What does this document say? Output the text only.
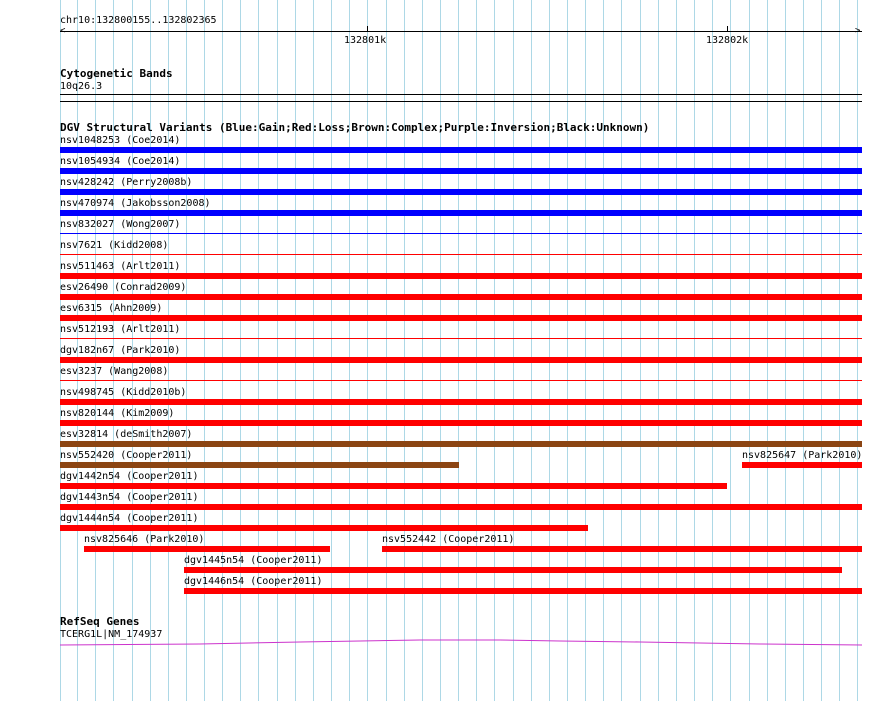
chr10:132800155..132802365
<	>
132801k	132802k
Cytogenetic Bands
10q26.3
DGV Structural Variants (Blue:Gain;Red:Loss;Brown:Complex;Purple:Inversion;Black:Unknown)
nsv1048253 (Coe2014)
nsv1054934 (Coe2014)
nsv428242 (Perry2008b)
nsv470974 (Jakobsson2008)
nsv832027 (Wong2007)
nsv7621 (Kidd2008)
nsv511463 (Arlt2011)
esv26490 (Conrad2009)
esv6315 (Ahn2009)
nsv512193 (Arlt2011)
dgv182n67 (Park2010)
esv3237 (Wang2008)
nsv498745 (Kidd2010b)
nsv820144 (Kim2009)
esv32814 (deSmith2007)
nsv552420 (Cooper2011)	nsv825647 (Park2010)
dgv1442n54 (Cooper2011)
dgv1443n54 (Cooper2011)
dgv1444n54 (Cooper2011)
nsv825646 (Park2010)	nsv552442 (Cooper2011)
dgv1445n54 (Cooper2011)
dgv1446n54 (Cooper2011)
RefSeq Genes
TCERG1L|NM_174937
